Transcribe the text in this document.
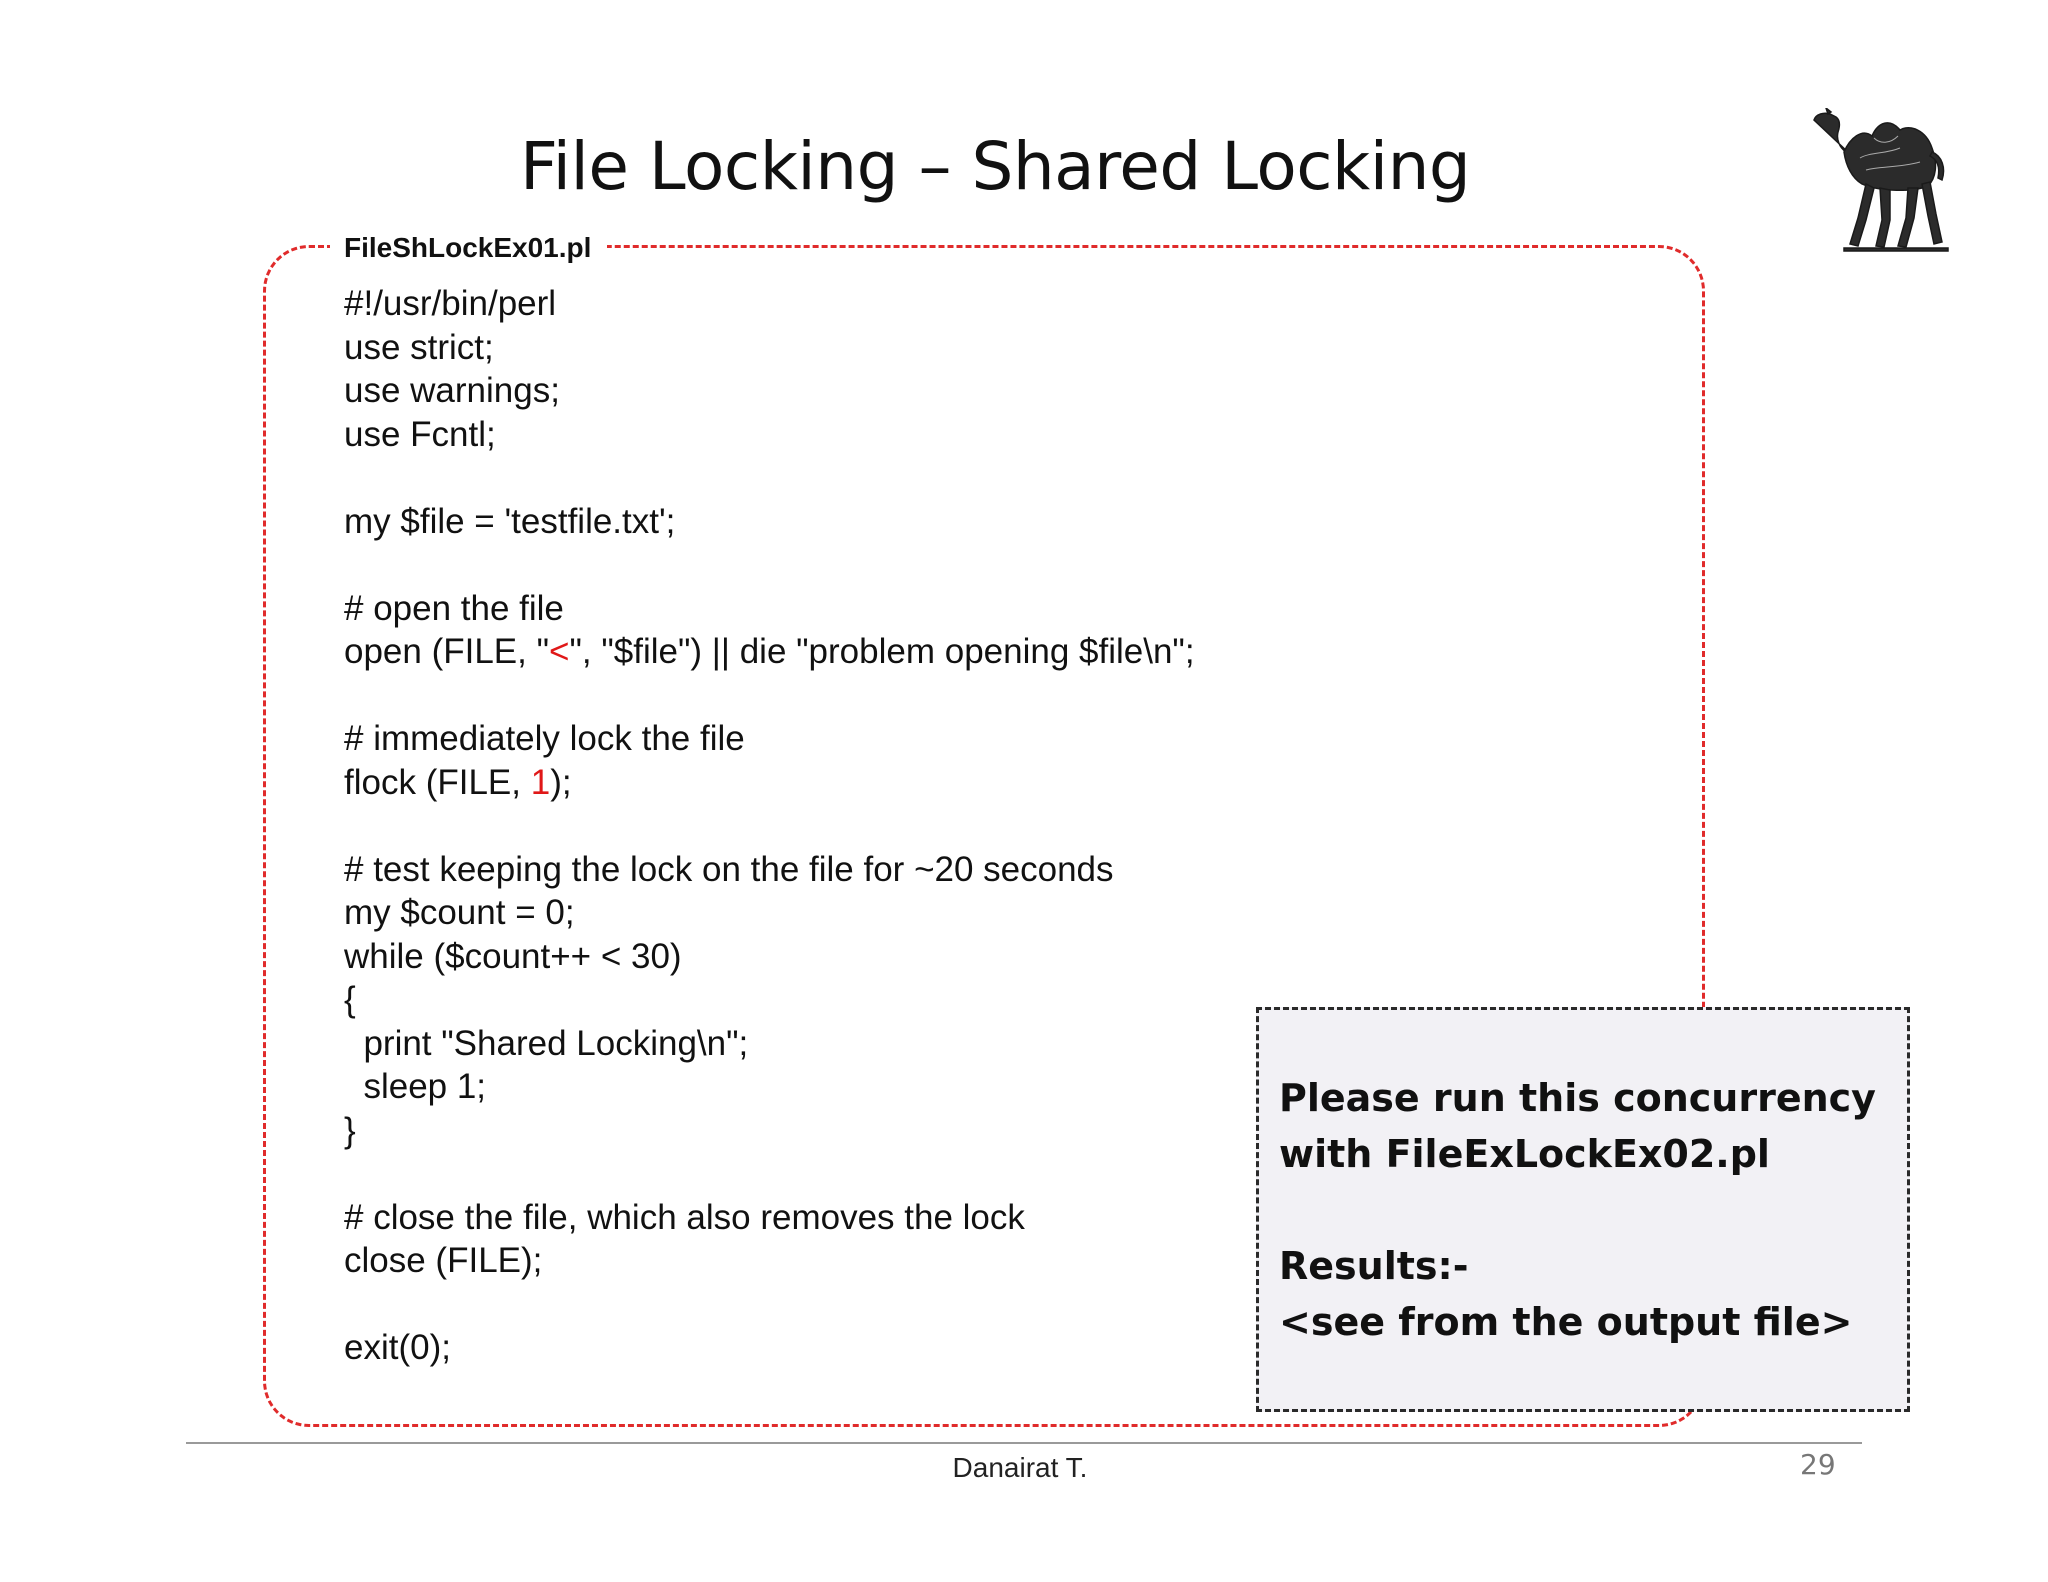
File Locking – Shared Locking
FileShLockEx01.pl
#!/usr/bin/perl
use strict;
use warnings;
use Fcntl;
my $file = 'testfile.txt';
# open the file
open (FILE, "<", "$file") || die "problem opening $file\n";
# immediately lock the file
flock (FILE, 1);
# test keeping the lock on the file for ~20 seconds
my $count = 0;
while ($count++ < 30)
{
print "Shared Locking\n";
sleep 1;
}
# close the file, which also removes the lock
close (FILE);
exit(0);
Please run this concurrency
with FileExLockEx02.pl
Results:-
<see from the output file>
Danairat T.	29
